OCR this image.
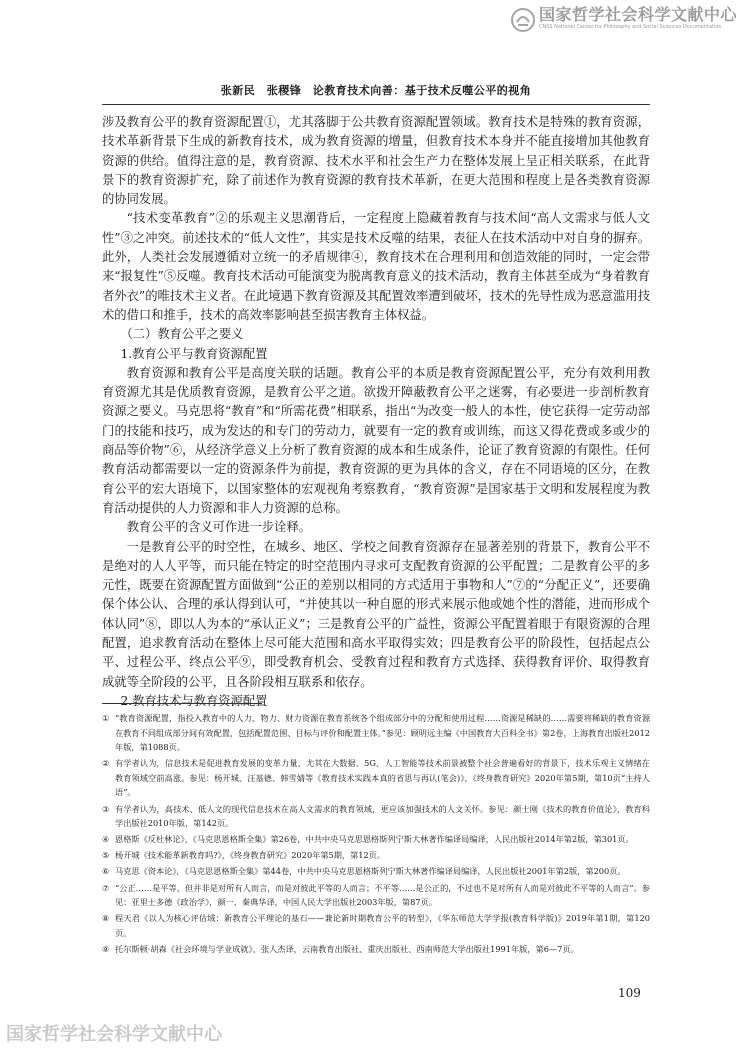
国家哲学社会科学文献中心
CNSS National Center for Philosophy and Social Sciences Documentation
张新民　张稷锋　论教育技术向善：基于技术反噬公平的视角

涉及教育公平的教育资源配置①，尤其落脚于公共教育资源配置领域。教育技术是特殊的教育资源，技术革新背景下生成的新教育技术，成为教育资源的增量，但教育技术本身并不能直接增加其他教育资源的供给。值得注意的是，教育资源、技术水平和社会生产力在整体发展上呈正相关联系，在此背景下的教育资源扩充，除了前述作为教育资源的教育技术革新，在更大范围和程度上是各类教育资源的协同发展。

“技术变革教育”②的乐观主义思潮背后，一定程度上隐藏着教育与技术间“高人文需求与低人文性”③之冲突。前述技术的“低人文性”，其实是技术反噬的结果，表征人在技术活动中对自身的摒弃。此外，人类社会发展遵循对立统一的矛盾规律④，教育技术在合理利用和创造效能的同时，一定会带来“报复性”⑤反噬。教育技术活动可能演变为脱离教育意义的技术活动，教育主体甚至成为“身着教育者外衣”的唯技术主义者。在此境遇下教育资源及其配置效率遭到破坏，技术的先导性成为恶意滥用技术的借口和推手，技术的高效率影响甚至损害教育主体权益。

（二）教育公平之要义

1.教育公平与教育资源配置

教育资源和教育公平是高度关联的话题。教育公平的本质是教育资源配置公平，充分有效利用教育资源尤其是优质教育资源，是教育公平之道。欲拨开障蔽教育公平之迷雾，有必要进一步剖析教育资源之要义。马克思将“教育”和“所需花费”相联系，指出“为改变一般人的本性，使它获得一定劳动部门的技能和技巧，成为发达的和专门的劳动力，就要有一定的教育或训练，而这又得花费或多或少的商品等价物”⑥，从经济学意义上分析了教育资源的成本和生成条件，论证了教育资源的有限性。任何教育活动都需要以一定的资源条件为前提，教育资源的更为具体的含义，存在不同语境的区分，在教育公平的宏大语境下，以国家整体的宏观视角考察教育，“教育资源”是国家基于文明和发展程度为教育活动提供的人力资源和非人力资源的总称。

教育公平的含义可作进一步诠释。

一是教育公平的时空性，在城乡、地区、学校之间教育资源存在显著差别的背景下，教育公平不是绝对的人人平等，而只能在特定的时空范围内寻求可支配教育资源的公平配置；二是教育公平的多元性，既要在资源配置方面做到“公正的差别以相同的方式适用于事物和人”⑦的“分配正义”，还要确保个体公认、合理的承认得到认可，“并使其以一种自愿的形式来展示他或她个性的潜能，进而形成个体认同”⑧，即以人为本的“承认正义”；三是教育公平的广益性，资源公平配置着眼于有限资源的合理配置，追求教育活动在整体上尽可能大范围和高水平取得实效；四是教育公平的阶段性，包括起点公平、过程公平、终点公平⑨，即受教育机会、受教育过程和教育方式选择、获得教育评价、取得教育成就等全阶段的公平，且各阶段相互联系和依存。

2.教育技术与教育资源配置

① “教育资源配置，指投入教育中的人力、物力、财力资源在教育系统各个组成部分中的分配和使用过程……资源是稀缺的……需要将稀缺的教育资源在教育不同组成部分间有效配置，包括配置范围、目标与评价和配置主体。”参见：顾明远主编《中国教育大百科全书》第2卷，上海教育出版社2012年版，第1088页。
② 有学者认为，信息技术是促进教育发展的变革力量，尤其在大数据、5G、人工智能等技术前景被整个社会普遍看好的背景下，技术乐观主义情绪在教育领域空前高涨。参见：杨开城、汪基德、韩雪婧等《教育技术实践本真的省思与再认(笔会)》，《终身教育研究》2020年第5期，第10页“主持人语”。
③ 有学者认为，高技术、低人文的现代信息技术在高人文需求的教育领域，更应该加强技术的人文关怀。参见：颜士刚《技术的教育价值论》，教育科学出版社2010年版，第142页。
④ 恩格斯《反杜林论》，《马克思恩格斯全集》第26卷，中共中央马克思恩格斯列宁斯大林著作编译局编译，人民出版社2014年第2版，第301页。
⑤ 杨开城《技术能革新教育吗?》，《终身教育研究》2020年第5期，第12页。
⑥ 马克思《资本论》，《马克思恩格斯全集》第44卷，中共中央马克思恩格斯列宁斯大林著作编译局编译，人民出版社2001年第2版，第200页。
⑦ “公正……是平等，但并非是对所有人而言，而是对彼此平等的人而言；不平等……是公正的，不过也不是对所有人而是对彼此不平等的人而言”。参见：亚里士多德《政治学》，颜一、秦典华译，中国人民大学出版社2003年版，第87页。
⑧ 程天君《以人为核心评估域：新教育公平理论的基石——兼论新时期教育公平的转型》，《华东师范大学学报(教育科学版)》2019年第1期，第120页。
⑨ 托尔斯顿·胡森《社会环境与学业成就》，张人杰译，云南教育出版社、重庆出版社、西南师范大学出版社1991年版，第6—7页。
109
国家哲学社会科学文献中心
